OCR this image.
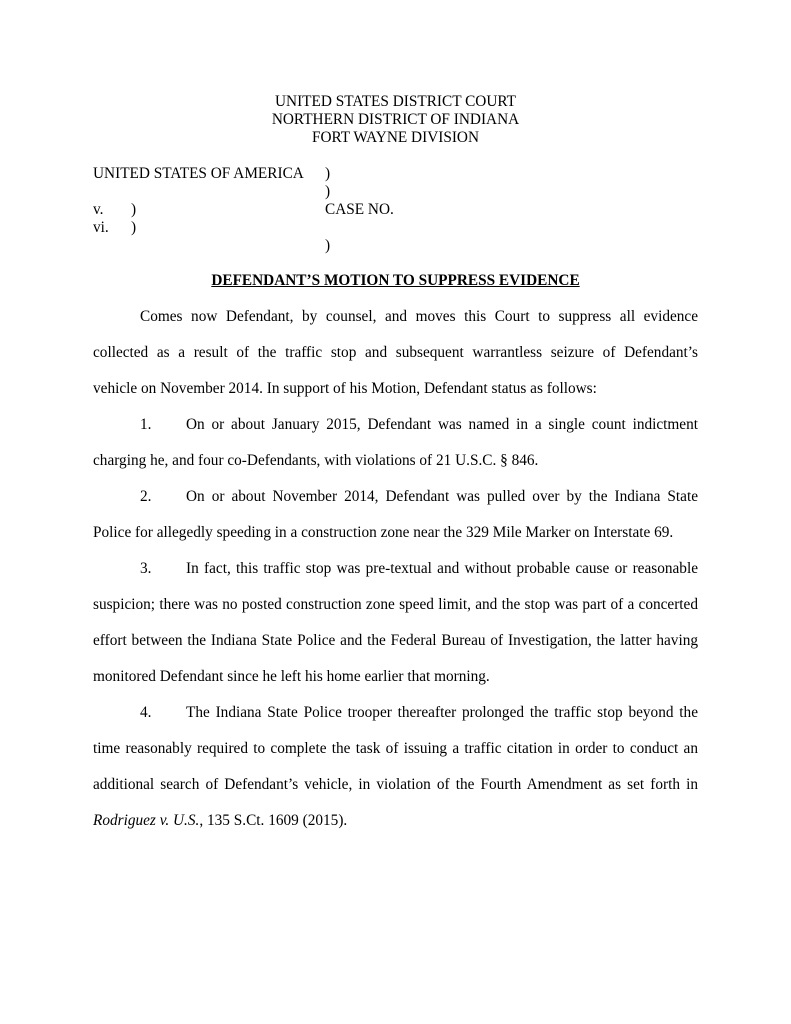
UNITED STATES DISTRICT COURT
NORTHERN DISTRICT OF INDIANA
FORT WAYNE DIVISION
UNITED STATES OF AMERICA )
)
v. )	CASE NO.
vi. )
)
DEFENDANT’S MOTION TO SUPPRESS EVIDENCE
Comes now Defendant, by counsel, and moves this Court to suppress all evidence
collected as a result of the traffic stop and subsequent warrantless seizure of Defendant’s
vehicle on November 2014. In support of his Motion, Defendant status as follows:
1. On or about January 2015, Defendant was named in a single count indictment
charging he, and four co-Defendants, with violations of 21 U.S.C. § 846.
2. On or about November 2014, Defendant was pulled over by the Indiana State
Police for allegedly speeding in a construction zone near the 329 Mile Marker on Interstate 69.
3. In fact, this traffic stop was pre-textual and without probable cause or reasonable
suspicion; there was no posted construction zone speed limit, and the stop was part of a concerted
effort between the Indiana State Police and the Federal Bureau of Investigation, the latter having
monitored Defendant since he left his home earlier that morning.
4. The Indiana State Police trooper thereafter prolonged the traffic stop beyond the
time reasonably required to complete the task of issuing a traffic citation in order to conduct an
additional search of Defendant’s vehicle, in violation of the Fourth Amendment as set forth in
Rodriguez v. U.S., 135 S.Ct. 1609 (2015).
